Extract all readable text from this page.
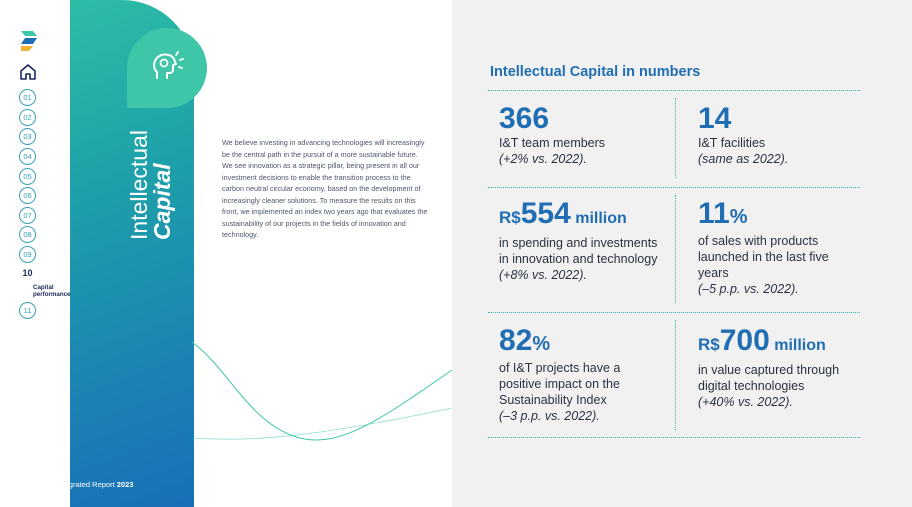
01
02
03
04
05
06
07
08
09
10
Capital performance
11
Intellectual
Capital
92 | Integrated Report 2023

We believe investing in advancing technologies will increasingly be the central path in the pursuit of a more sustainable future. We see innovation as a strategic pillar, being present in all our investment decisions to enable the transition process to the carbon neutral circular economy, based on the development of increasingly cleaner solutions. To measure the results on this front, we implemented an index two years ago that evaluates the sustainability of our projects in the fields of innovation and technology.

Intellectual Capital in numbers
366
I&T team members
(+2% vs. 2022).
14
I&T facilities
(same as 2022).
R$554 million
in spending and investments in innovation and technology
(+8% vs. 2022).
11%
of sales with products launched in the last five years
(–5 p.p. vs. 2022).
82%
of I&T projects have a positive impact on the Sustainability Index
(–3 p.p. vs. 2022).
R$700 million
in value captured through digital technologies
(+40% vs. 2022).
